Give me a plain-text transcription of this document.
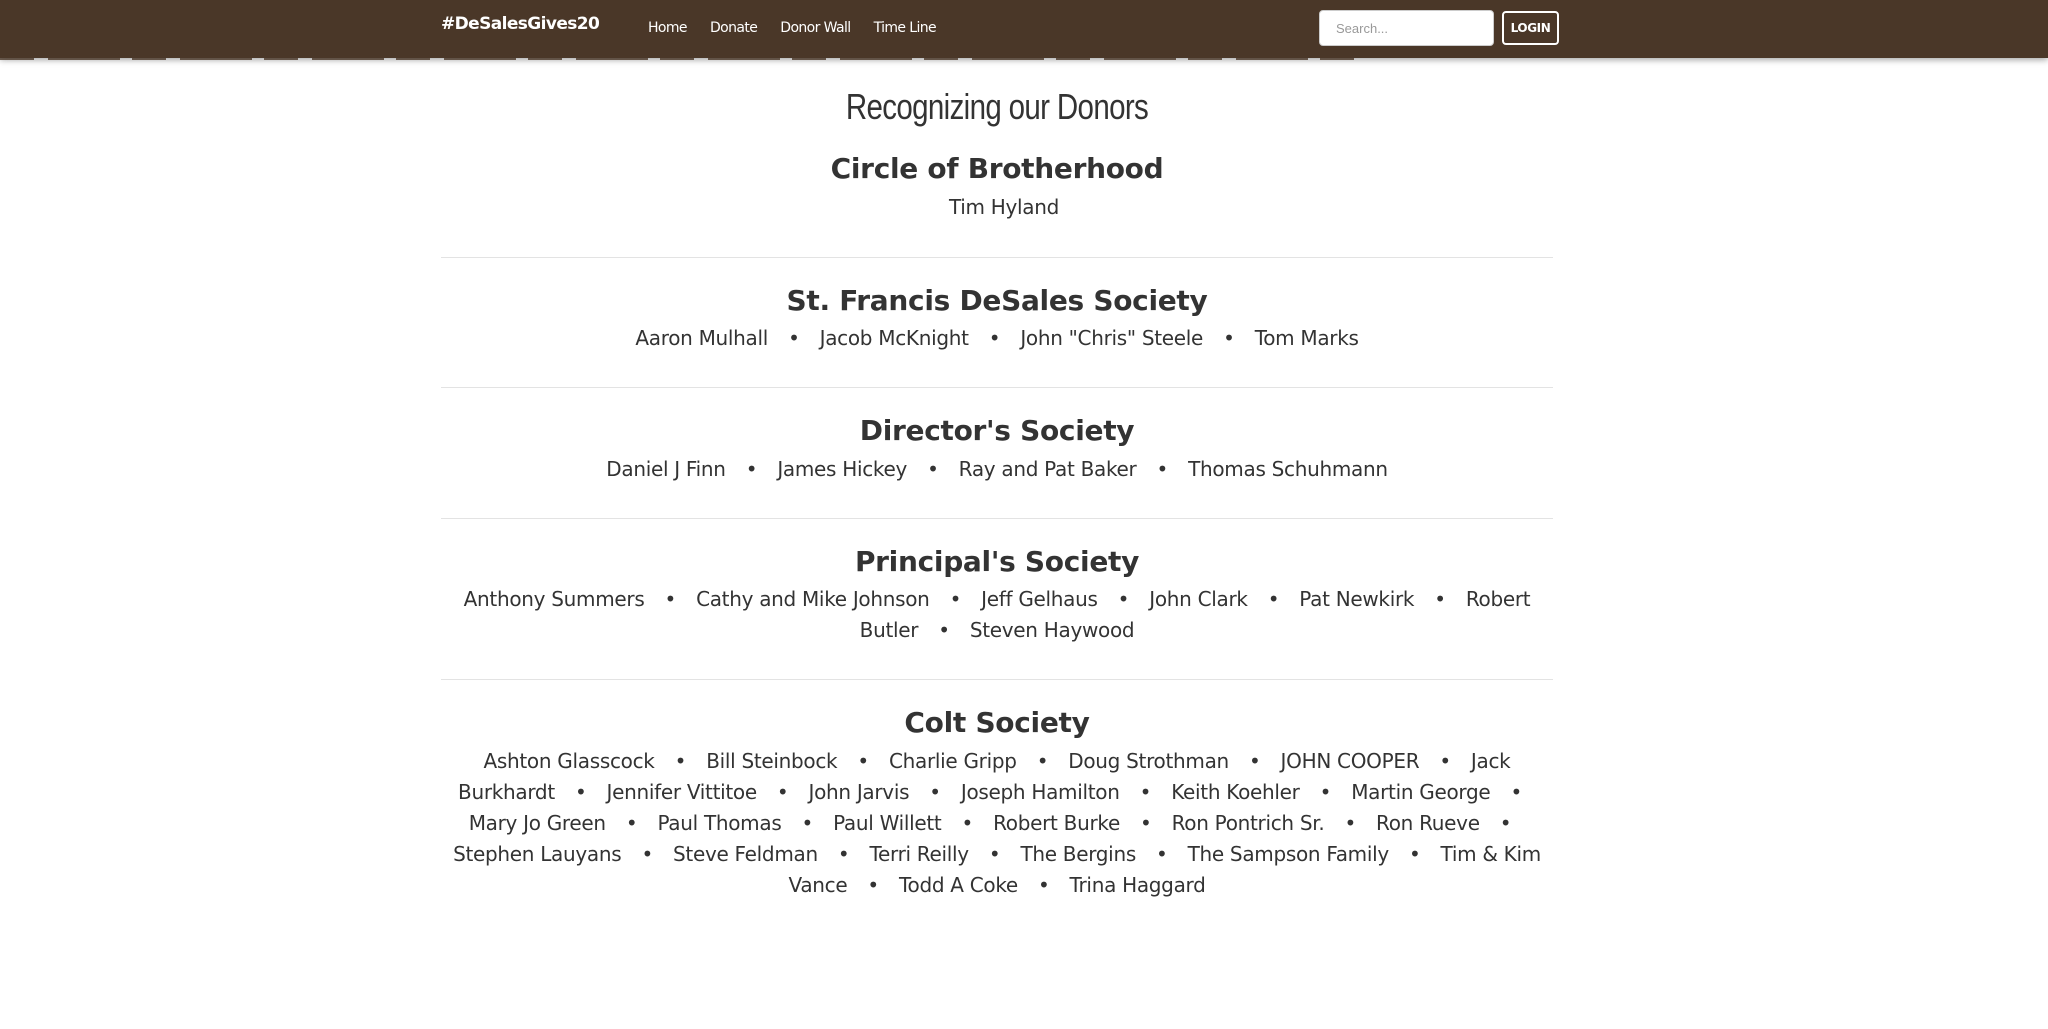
#DeSalesGives20	Home Donate Donor Wall Time Line
Search...	LOGIN
Recognizing our Donors
Circle of Brotherhood
Tim Hyland
St. Francis DeSales Society
Aaron Mulhall • Jacob McKnight • John "Chris" Steele • Tom Marks
Director's Society
Daniel J Finn • James Hickey • Ray and Pat Baker • Thomas Schuhmann
Principal's Society
Anthony Summers • Cathy and Mike Johnson • Jeff Gelhaus • John Clark • Pat Newkirk • Robert Butler • Steven Haywood
Colt Society
Ashton Glasscock • Bill Steinbock • Charlie Gripp • Doug Strothman • JOHN COOPER • Jack Burkhardt • Jennifer Vittitoe • John Jarvis • Joseph Hamilton • Keith Koehler • Martin George • Mary Jo Green • Paul Thomas • Paul Willett • Robert Burke • Ron Pontrich Sr. • Ron Rueve • Stephen Lauyans • Steve Feldman • Terri Reilly • The Bergins • The Sampson Family • Tim & Kim Vance • Todd A Coke • Trina Haggard
